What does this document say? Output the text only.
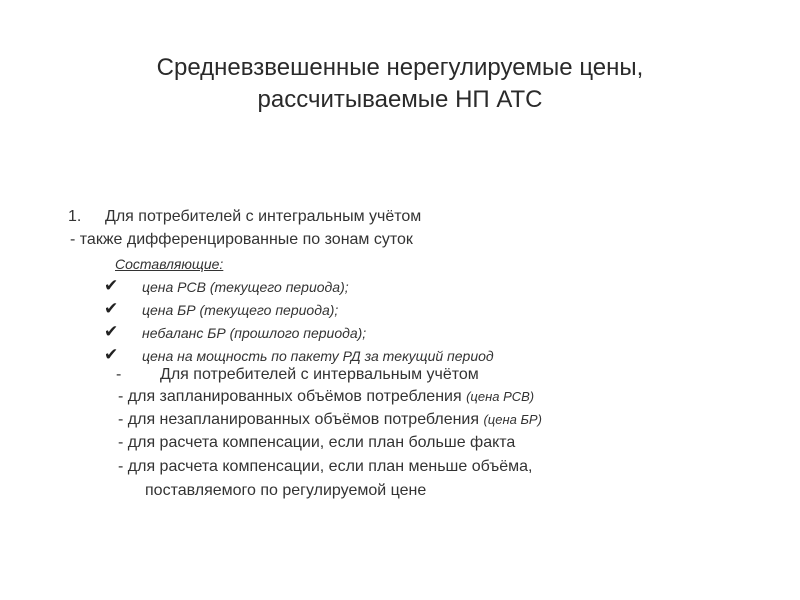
Средневзвешенные нерегулируемые цены,
рассчитываемые НП АТС
1. Для потребителей с интегральным учётом
- также дифференцированные по зонам суток
Составляющие:
✔ цена РСВ (текущего периода);
✔ цена БР (текущего периода);
✔ небаланс БР (прошлого периода);
✔ цена на мощность по пакету РД за текущий период
- Для потребителей с интервальным учётом
- для запланированных объёмов потребления (цена РСВ)
- для незапланированных объёмов потребления (цена БР)
- для расчета компенсации, если план больше факта
- для расчета компенсации, если план меньше объёма,
поставляемого по регулируемой цене
